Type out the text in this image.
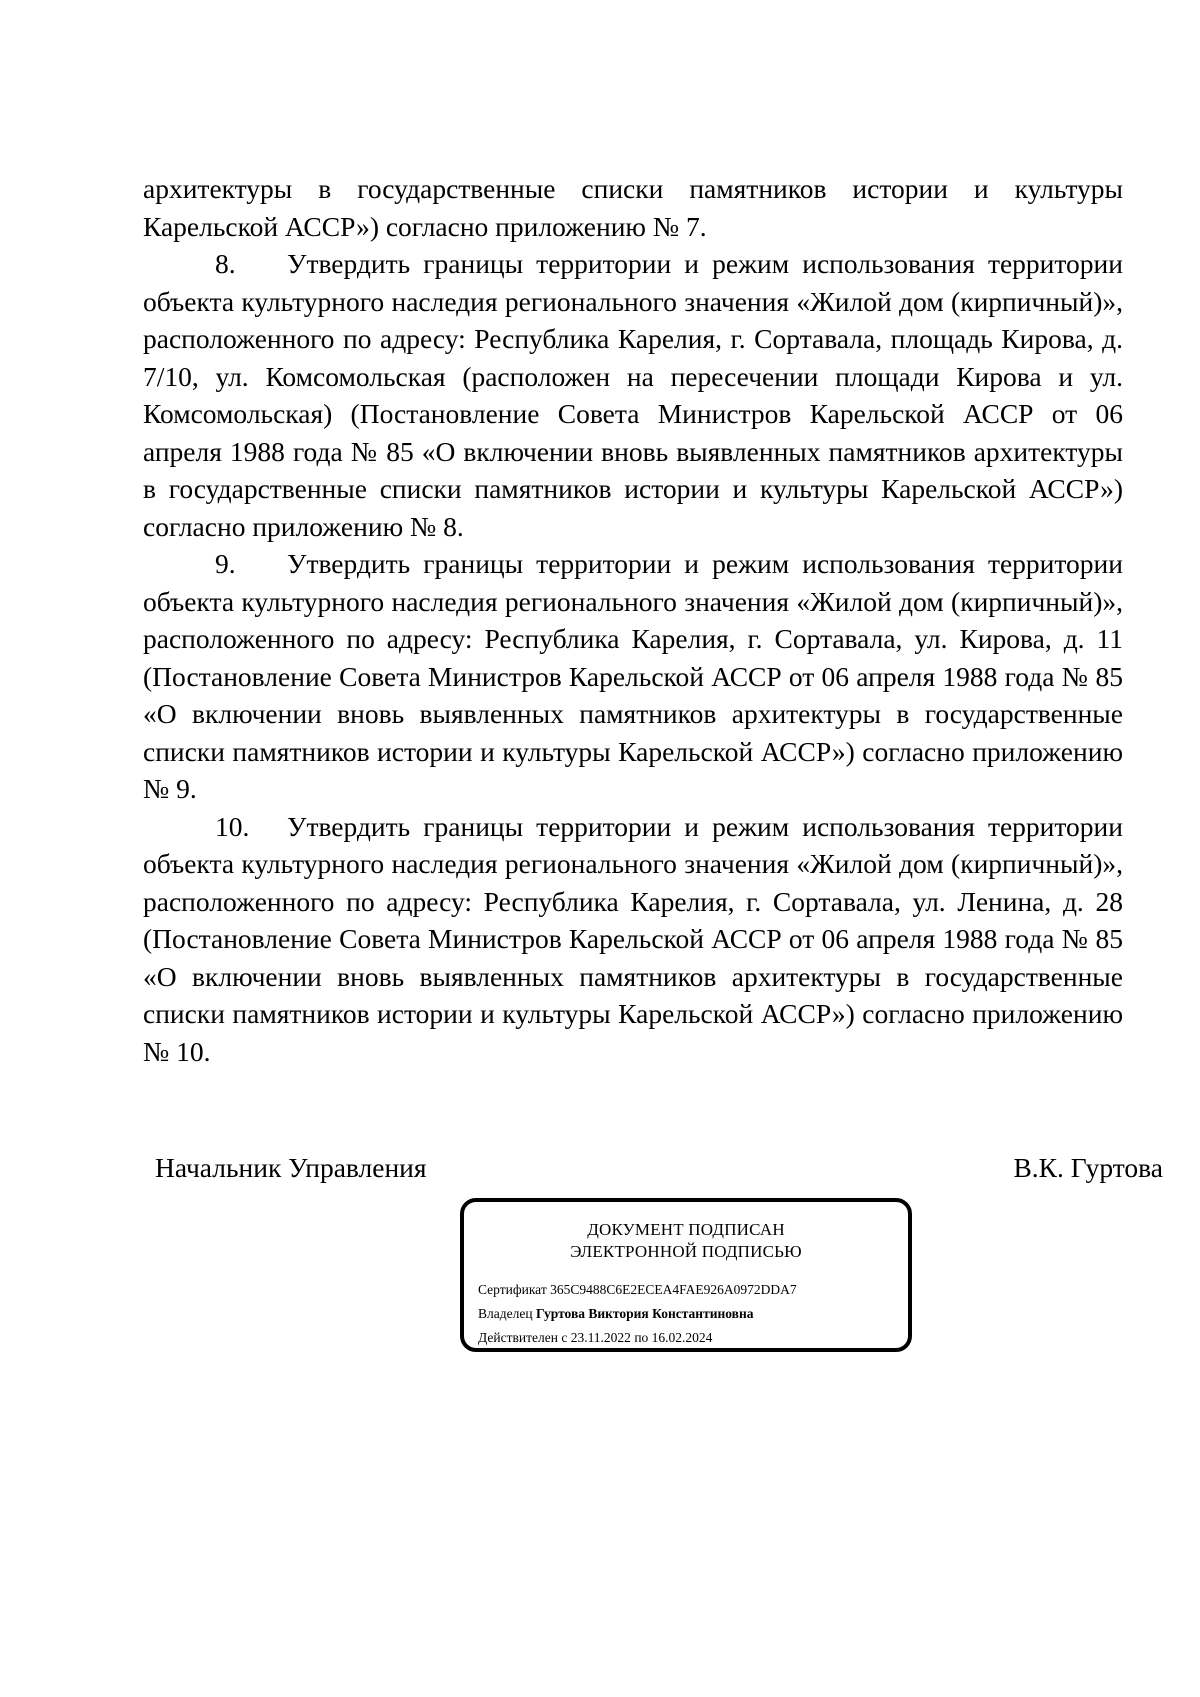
архитектуры в государственные списки памятников истории и культуры Карельской АССР») согласно приложению № 7.

8. Утвердить границы территории и режим использования территории объекта культурного наследия регионального значения «Жилой дом (кирпичный)», расположенного по адресу: Республика Карелия, г. Сортавала, площадь Кирова, д. 7/10, ул. Комсомольская (расположен на пересечении площади Кирова и ул. Комсомольская) (Постановление Совета Министров Карельской АССР от 06 апреля 1988 года № 85 «О включении вновь выявленных памятников архитектуры в государственные списки памятников истории и культуры Карельской АССР») согласно приложению № 8.

9. Утвердить границы территории и режим использования территории объекта культурного наследия регионального значения «Жилой дом (кирпичный)», расположенного по адресу: Республика Карелия, г. Сортавала, ул. Кирова, д. 11 (Постановление Совета Министров Карельской АССР от 06 апреля 1988 года № 85 «О включении вновь выявленных памятников архитектуры в государственные списки памятников истории и культуры Карельской АССР») согласно приложению № 9.

10. Утвердить границы территории и режим использования территории объекта культурного наследия регионального значения «Жилой дом (кирпичный)», расположенного по адресу: Республика Карелия, г. Сортавала, ул. Ленина, д. 28 (Постановление Совета Министров Карельской АССР от 06 апреля 1988 года № 85 «О включении вновь выявленных памятников архитектуры в государственные списки памятников истории и культуры Карельской АССР») согласно приложению № 10.

Начальник Управления	В.К. Гуртова
ДОКУМЕНТ ПОДПИСАН
ЭЛЕКТРОННОЙ ПОДПИСЬЮ
Сертификат 365C9488C6E2ECEA4FAE926A0972DDA7
Владелец Гуртова Виктория Константиновна
Действителен с 23.11.2022 по 16.02.2024
